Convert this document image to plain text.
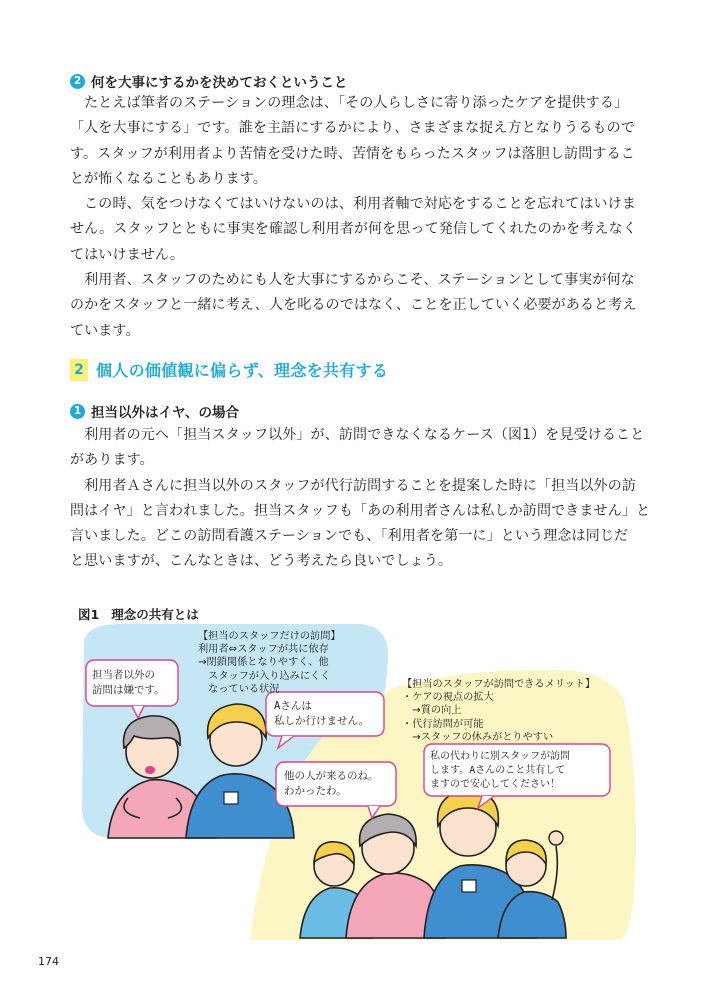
2 何を大事にするかを決めておくということ
　たとえば筆者のステーションの理念は、「その人らしさに寄り添ったケアを提供する」
「人を大事にする」です。誰を主語にするかにより、さまざまな捉え方となりうるもので
す。スタッフが利用者より苦情を受けた時、苦情をもらったスタッフは落胆し訪問するこ
とが怖くなることもあります。
　この時、気をつけなくてはいけないのは、利用者軸で対応をすることを忘れてはいけま
せん。スタッフとともに事実を確認し利用者が何を思って発信してくれたのかを考えなく
てはいけません。
　利用者、スタッフのためにも人を大事にするからこそ、ステーションとして事実が何な
のかをスタッフと一緒に考え、人を叱るのではなく、ことを正していく必要があると考え
ています。
2 個人の価値観に偏らず、理念を共有する
1 担当以外はイヤ、の場合
　利用者の元へ「担当スタッフ以外」が、訪問できなくなるケース（図1）を見受けること
があります。
　利用者Ａさんに担当以外のスタッフが代行訪問することを提案した時に「担当以外の訪
問はイヤ」と言われました。担当スタッフも「あの利用者さんは私しか訪問できません」と
言いました。どこの訪問看護ステーションでも、「利用者を第一に」という理念は同じだ
と思いますが、こんなときは、どう考えたら良いでしょう。
図1 理念の共有とは
【担当のスタッフだけの訪問】
利用者⇔スタッフが共に依存
→閉鎖関係となりやすく、他
　スタッフが入り込みにくく
　なっている状況	【担当のスタッフが訪問できるメリット】
・ケアの視点の拡大
　→質の向上
・代行訪問が可能
　→スタッフの休みがとりやすい
担当者以外の
訪問は嫌です。
Aさんは
私しか行けません。
他の人が来るのね。
わかったわ。
私の代わりに別スタッフが訪問
します。Aさんのこと共有して
ますので安心してください！
174
